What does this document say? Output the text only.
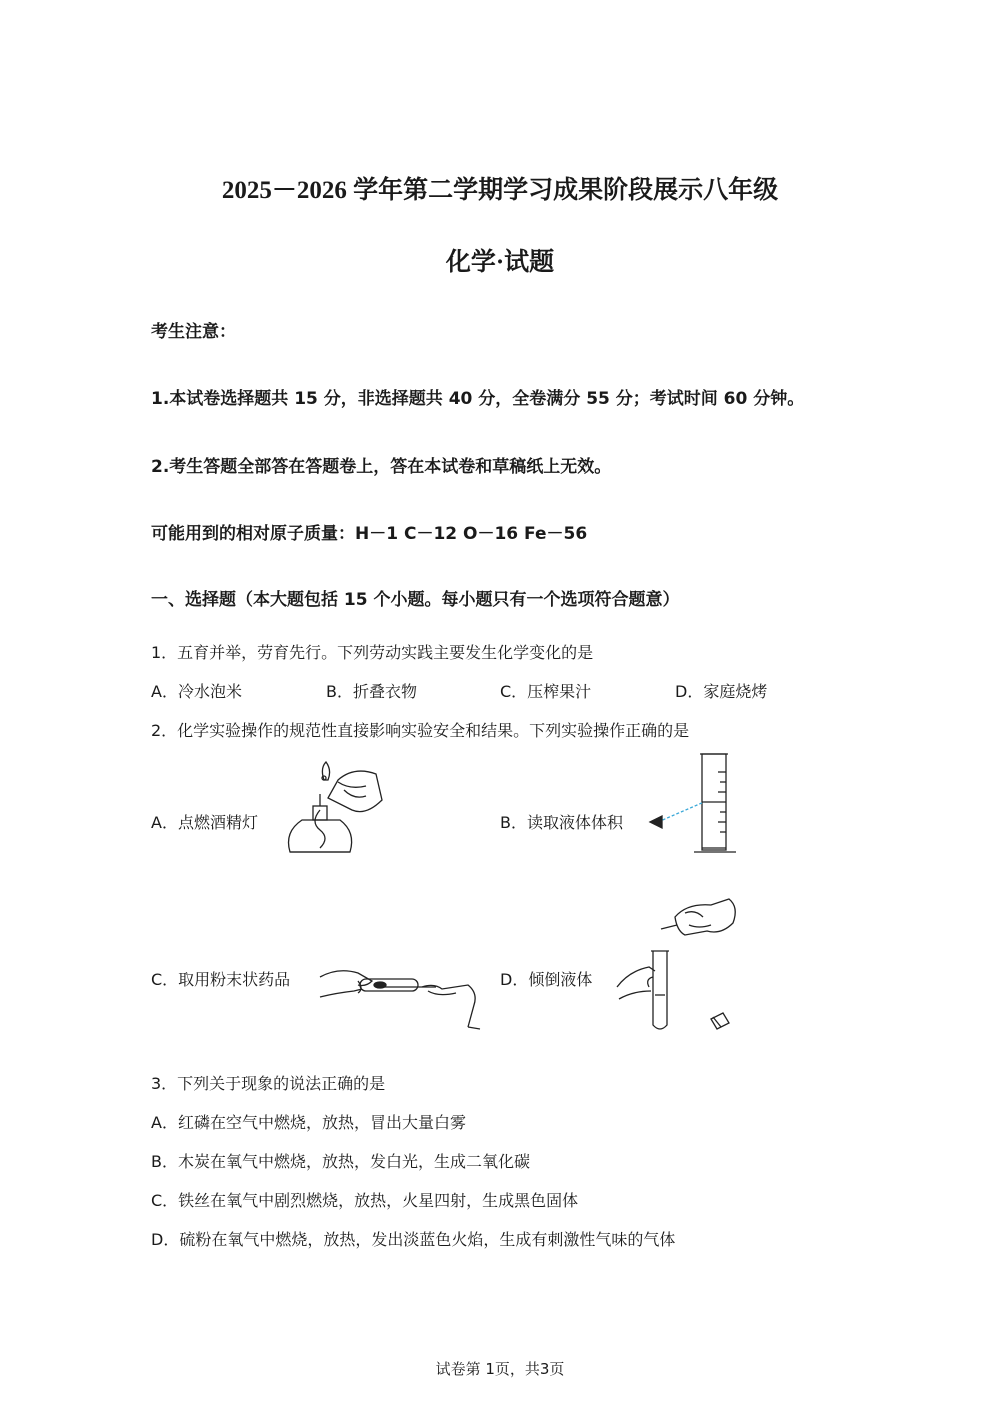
2025－2026 学年第二学期学习成果阶段展示八年级
化学·试题
考生注意：
1.本试卷选择题共 15 分，非选择题共 40 分，全卷满分 55 分；考试时间 60 分钟。
2.考生答题全部答在答题卷上，答在本试卷和草稿纸上无效。
可能用到的相对原子质量：H－1 C－12 O－16 Fe－56
一、选择题（本大题包括 15 个小题。每小题只有一个选项符合题意）
1．五育并举，劳育先行。下列劳动实践主要发生化学变化的是
A．冷水泡米	B．折叠衣物	C．压榨果汁	D．家庭烧烤
2．化学实验操作的规范性直接影响实验安全和结果。下列实验操作正确的是
A．点燃酒精灯	B．读取液体体积
C．取用粉末状药品	D．倾倒液体
3．下列关于现象的说法正确的是
A．红磷在空气中燃烧，放热，冒出大量白雾
B．木炭在氧气中燃烧，放热，发白光，生成二氧化碳
C．铁丝在氧气中剧烈燃烧，放热，火星四射，生成黑色固体
D．硫粉在氧气中燃烧，放热，发出淡蓝色火焰，生成有刺激性气味的气体
试卷第 1页，共3页
